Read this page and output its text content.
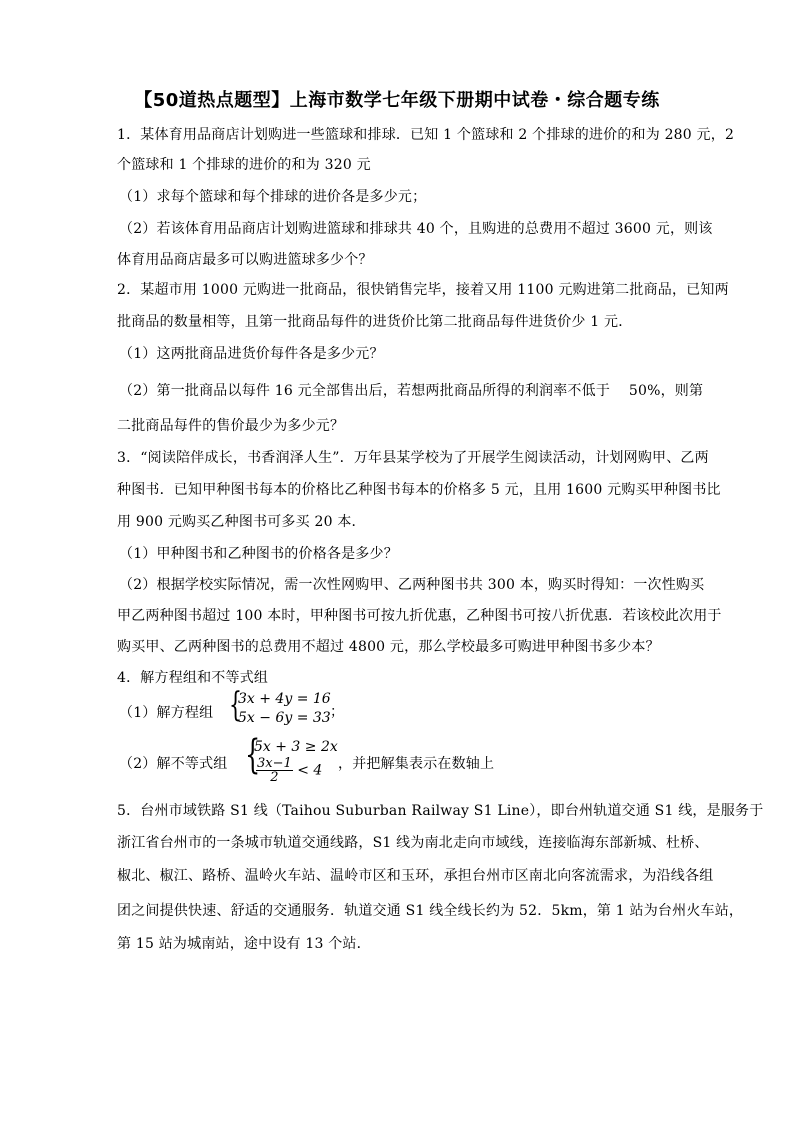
【50道热点题型】上海市数学七年级下册期中试卷・综合题专练
1．某体育用品商店计划购进一些篮球和排球．已知 1 个篮球和 2 个排球的进价的和为 280 元，2
个篮球和 1 个排球的进价的和为 320 元
（1）求每个篮球和每个排球的进价各是多少元；
（2）若该体育用品商店计划购进篮球和排球共 40 个，且购进的总费用不超过 3600 元，则该
体育用品商店最多可以购进篮球多少个？
2．某超市用 1000 元购进一批商品，很快销售完毕，接着又用 1100 元购进第二批商品，已知两
批商品的数量相等，且第一批商品每件的进货价比第二批商品每件进货价少 1 元．
（1）这两批商品进货价每件各是多少元？
（2）第一批商品以每件 16 元全部售出后，若想两批商品所得的利润率不低于　 50%，则第
二批商品每件的售价最少为多少元？
3．“阅读陪伴成长，书香润泽人生”．万年县某学校为了开展学生阅读活动，计划网购甲、乙两
种图书．已知甲种图书每本的价格比乙种图书每本的价格多 5 元，且用 1600 元购买甲种图书比
用 900 元购买乙种图书可多买 20 本．
（1）甲种图书和乙种图书的价格各是多少？
（2）根据学校实际情况，需一次性网购甲、乙两种图书共 300 本，购买时得知：一次性购买
甲乙两种图书超过 100 本时，甲种图书可按九折优惠，乙种图书可按八折优惠．若该校此次用于
购买甲、乙两种图书的总费用不超过 4800 元，那么学校最多可购进甲种图书多少本？
4．解方程组和不等式组
（1）解方程组 {
3x + 4y = 16
5x − 6y = 33 ；
（2）解不等式组 {
5x + 3 ≥ 2x
$\frac{3x-1}{2} < 4$ ，并把解集表示在数轴上
5．台州市域铁路 S1 线（Taihou Suburban Railway S1 Line），即台州轨道交通 S1 线，是服务于
浙江省台州市的一条城市轨道交通线路，S1 线为南北走向市域线，连接临海东部新城、杜桥、
椒北、椒江、路桥、温岭火车站、温岭市区和玉环，承担台州市区南北向客流需求，为沿线各组
团之间提供快速、舒适的交通服务．轨道交通 S1 线全线长约为 52．5km，第 1 站为台州火车站，
第 15 站为城南站，途中设有 13 个站．
